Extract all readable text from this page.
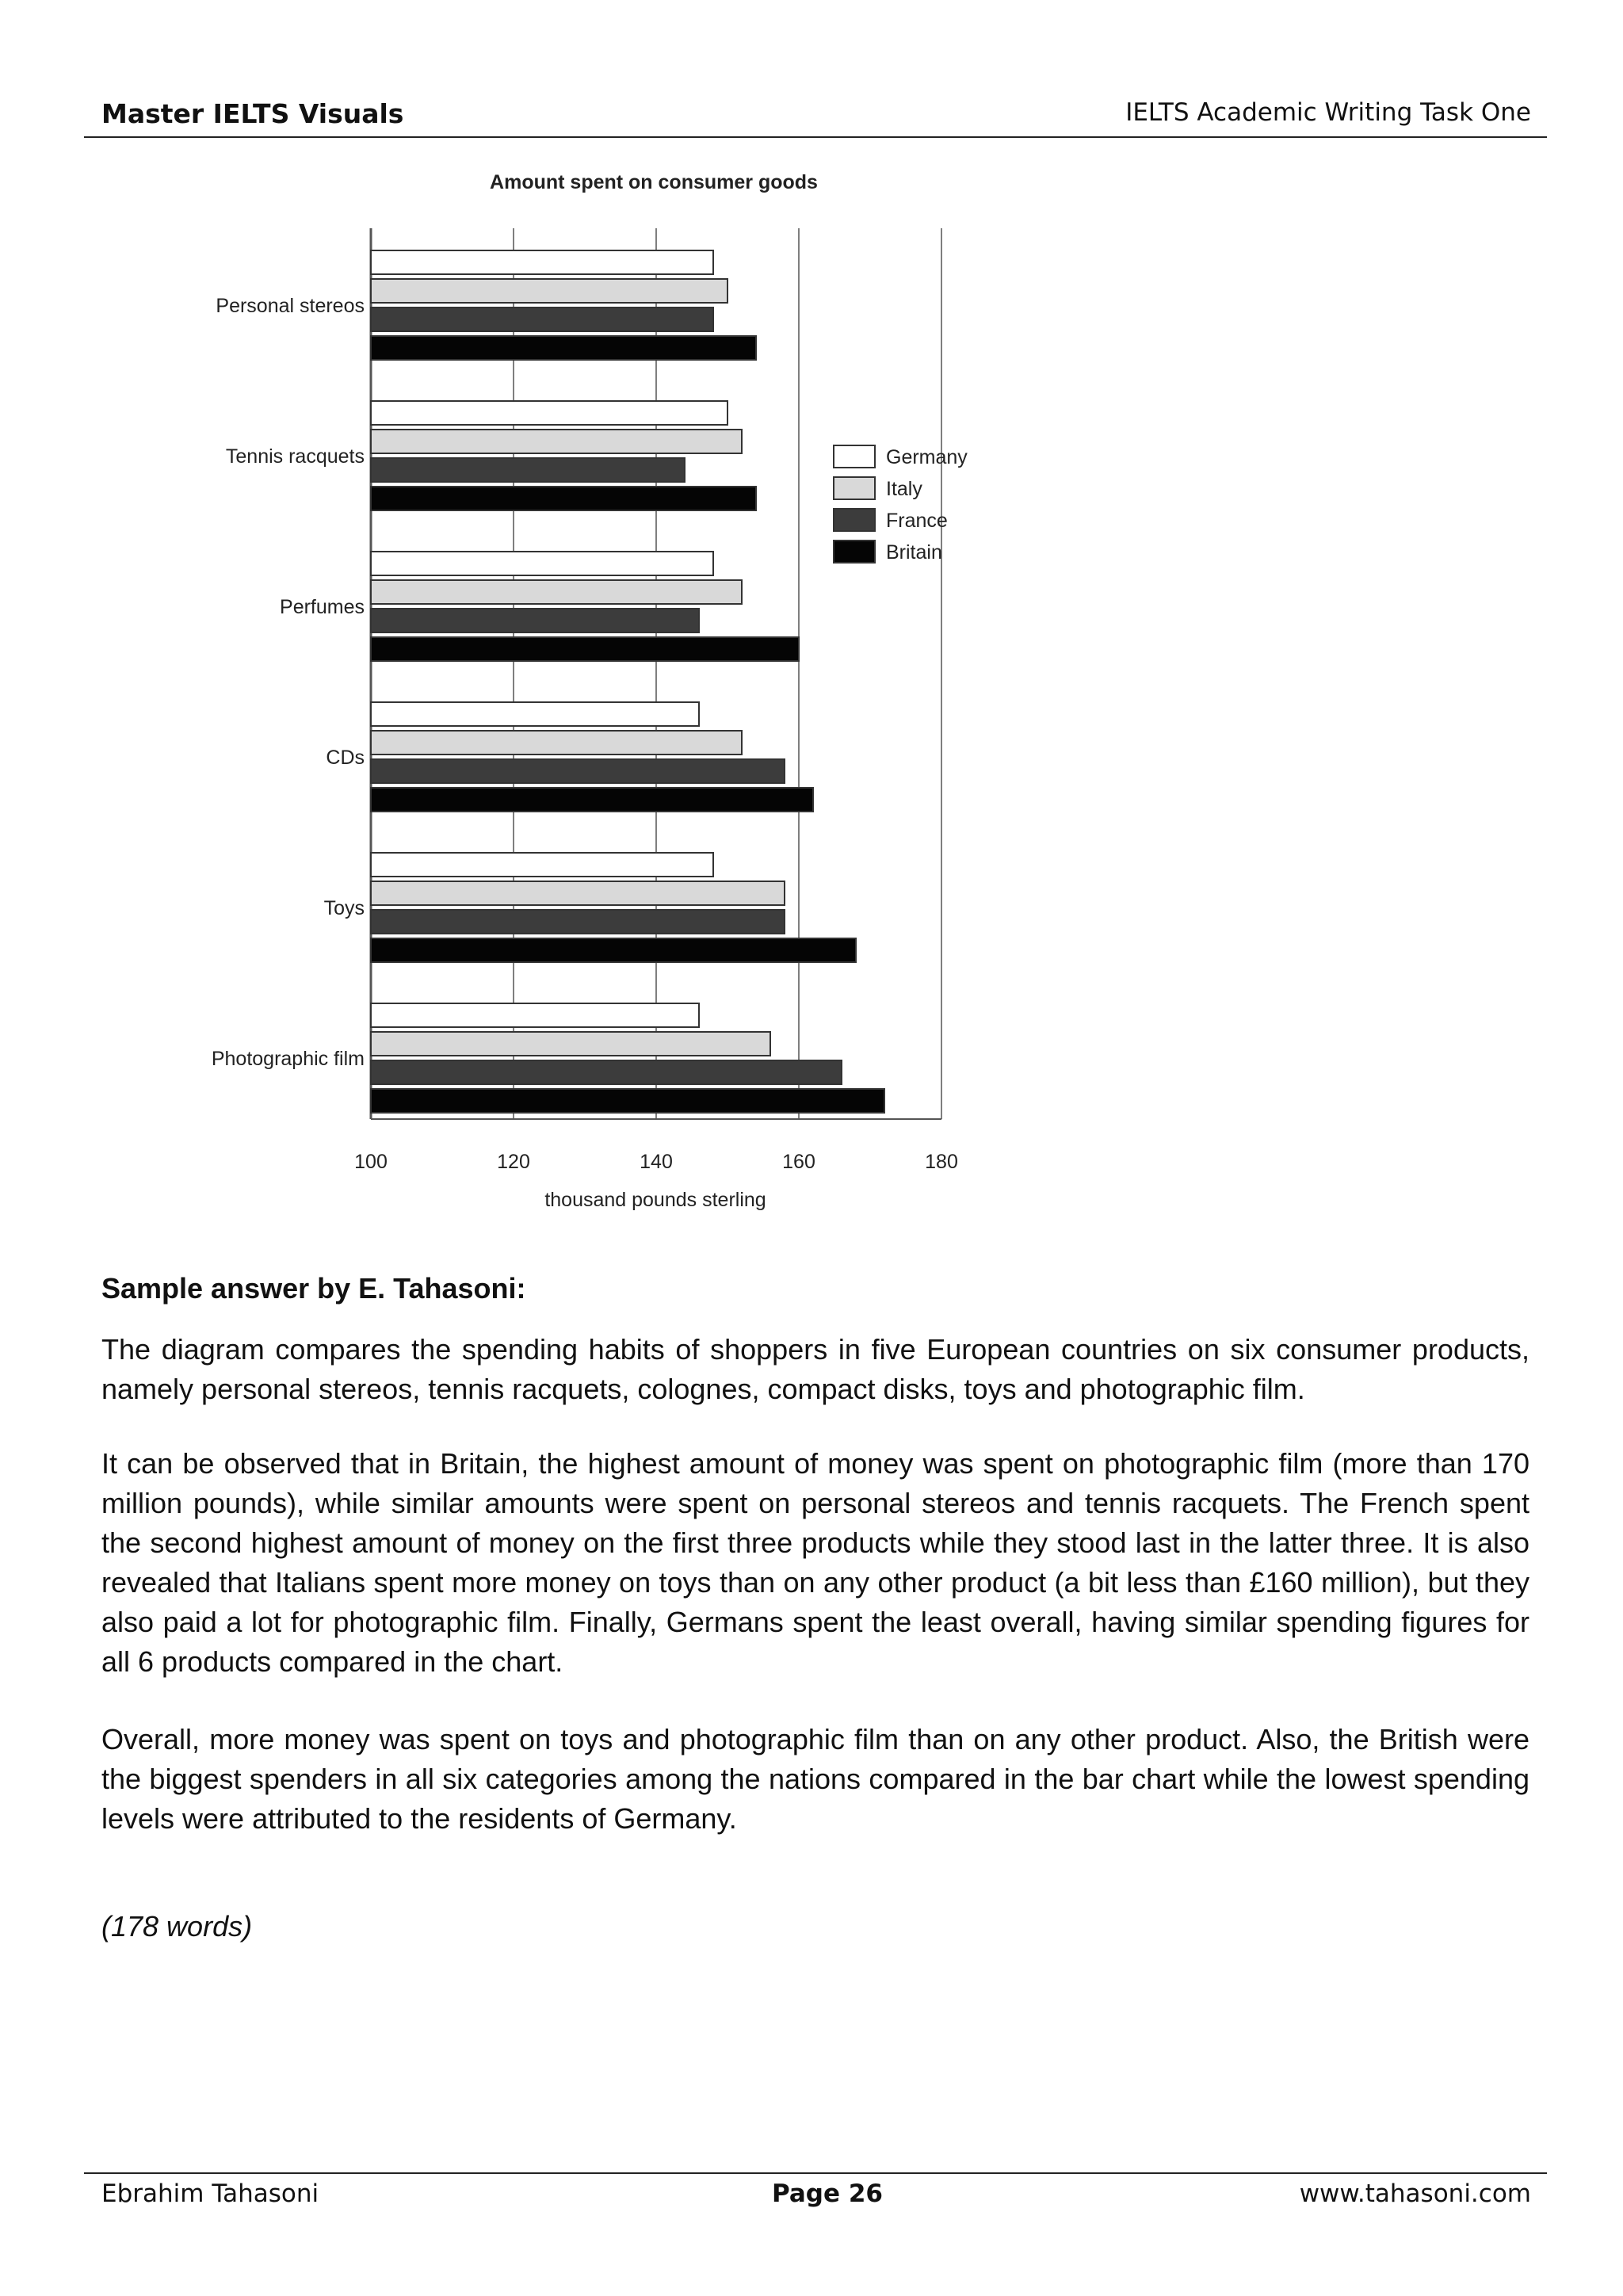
Master IELTS Visuals	IELTS Academic Writing Task One
Amount spent on consumer goods
Personal stereos
Tennis racquets
Perfumes
CDs
Toys
Photographic film
100	120	140	160	180
thousand pounds sterling
Germany
Italy
France
Britain
Sample answer by E. Tahasoni:

The diagram compares the spending habits of shoppers in five European countries on six consumer products, namely personal stereos, tennis racquets, colognes, compact disks, toys and photographic film.

It can be observed that in Britain, the highest amount of money was spent on photographic film (more than 170 million pounds), while similar amounts were spent on personal stereos and tennis racquets. The French spent the second highest amount of money on the first three products while they stood last in the latter three. It is also revealed that Italians spent more money on toys than on any other product (a bit less than £160 million), but they also paid a lot for photographic film. Finally, Germans spent the least overall, having similar spending figures for all 6 products compared in the chart.

Overall, more money was spent on toys and photographic film than on any other product. Also, the British were the biggest spenders in all six categories among the nations compared in the bar chart while the lowest spending levels were attributed to the residents of Germany.

(178 words)
Ebrahim Tahasoni	Page 26	www.tahasoni.com
